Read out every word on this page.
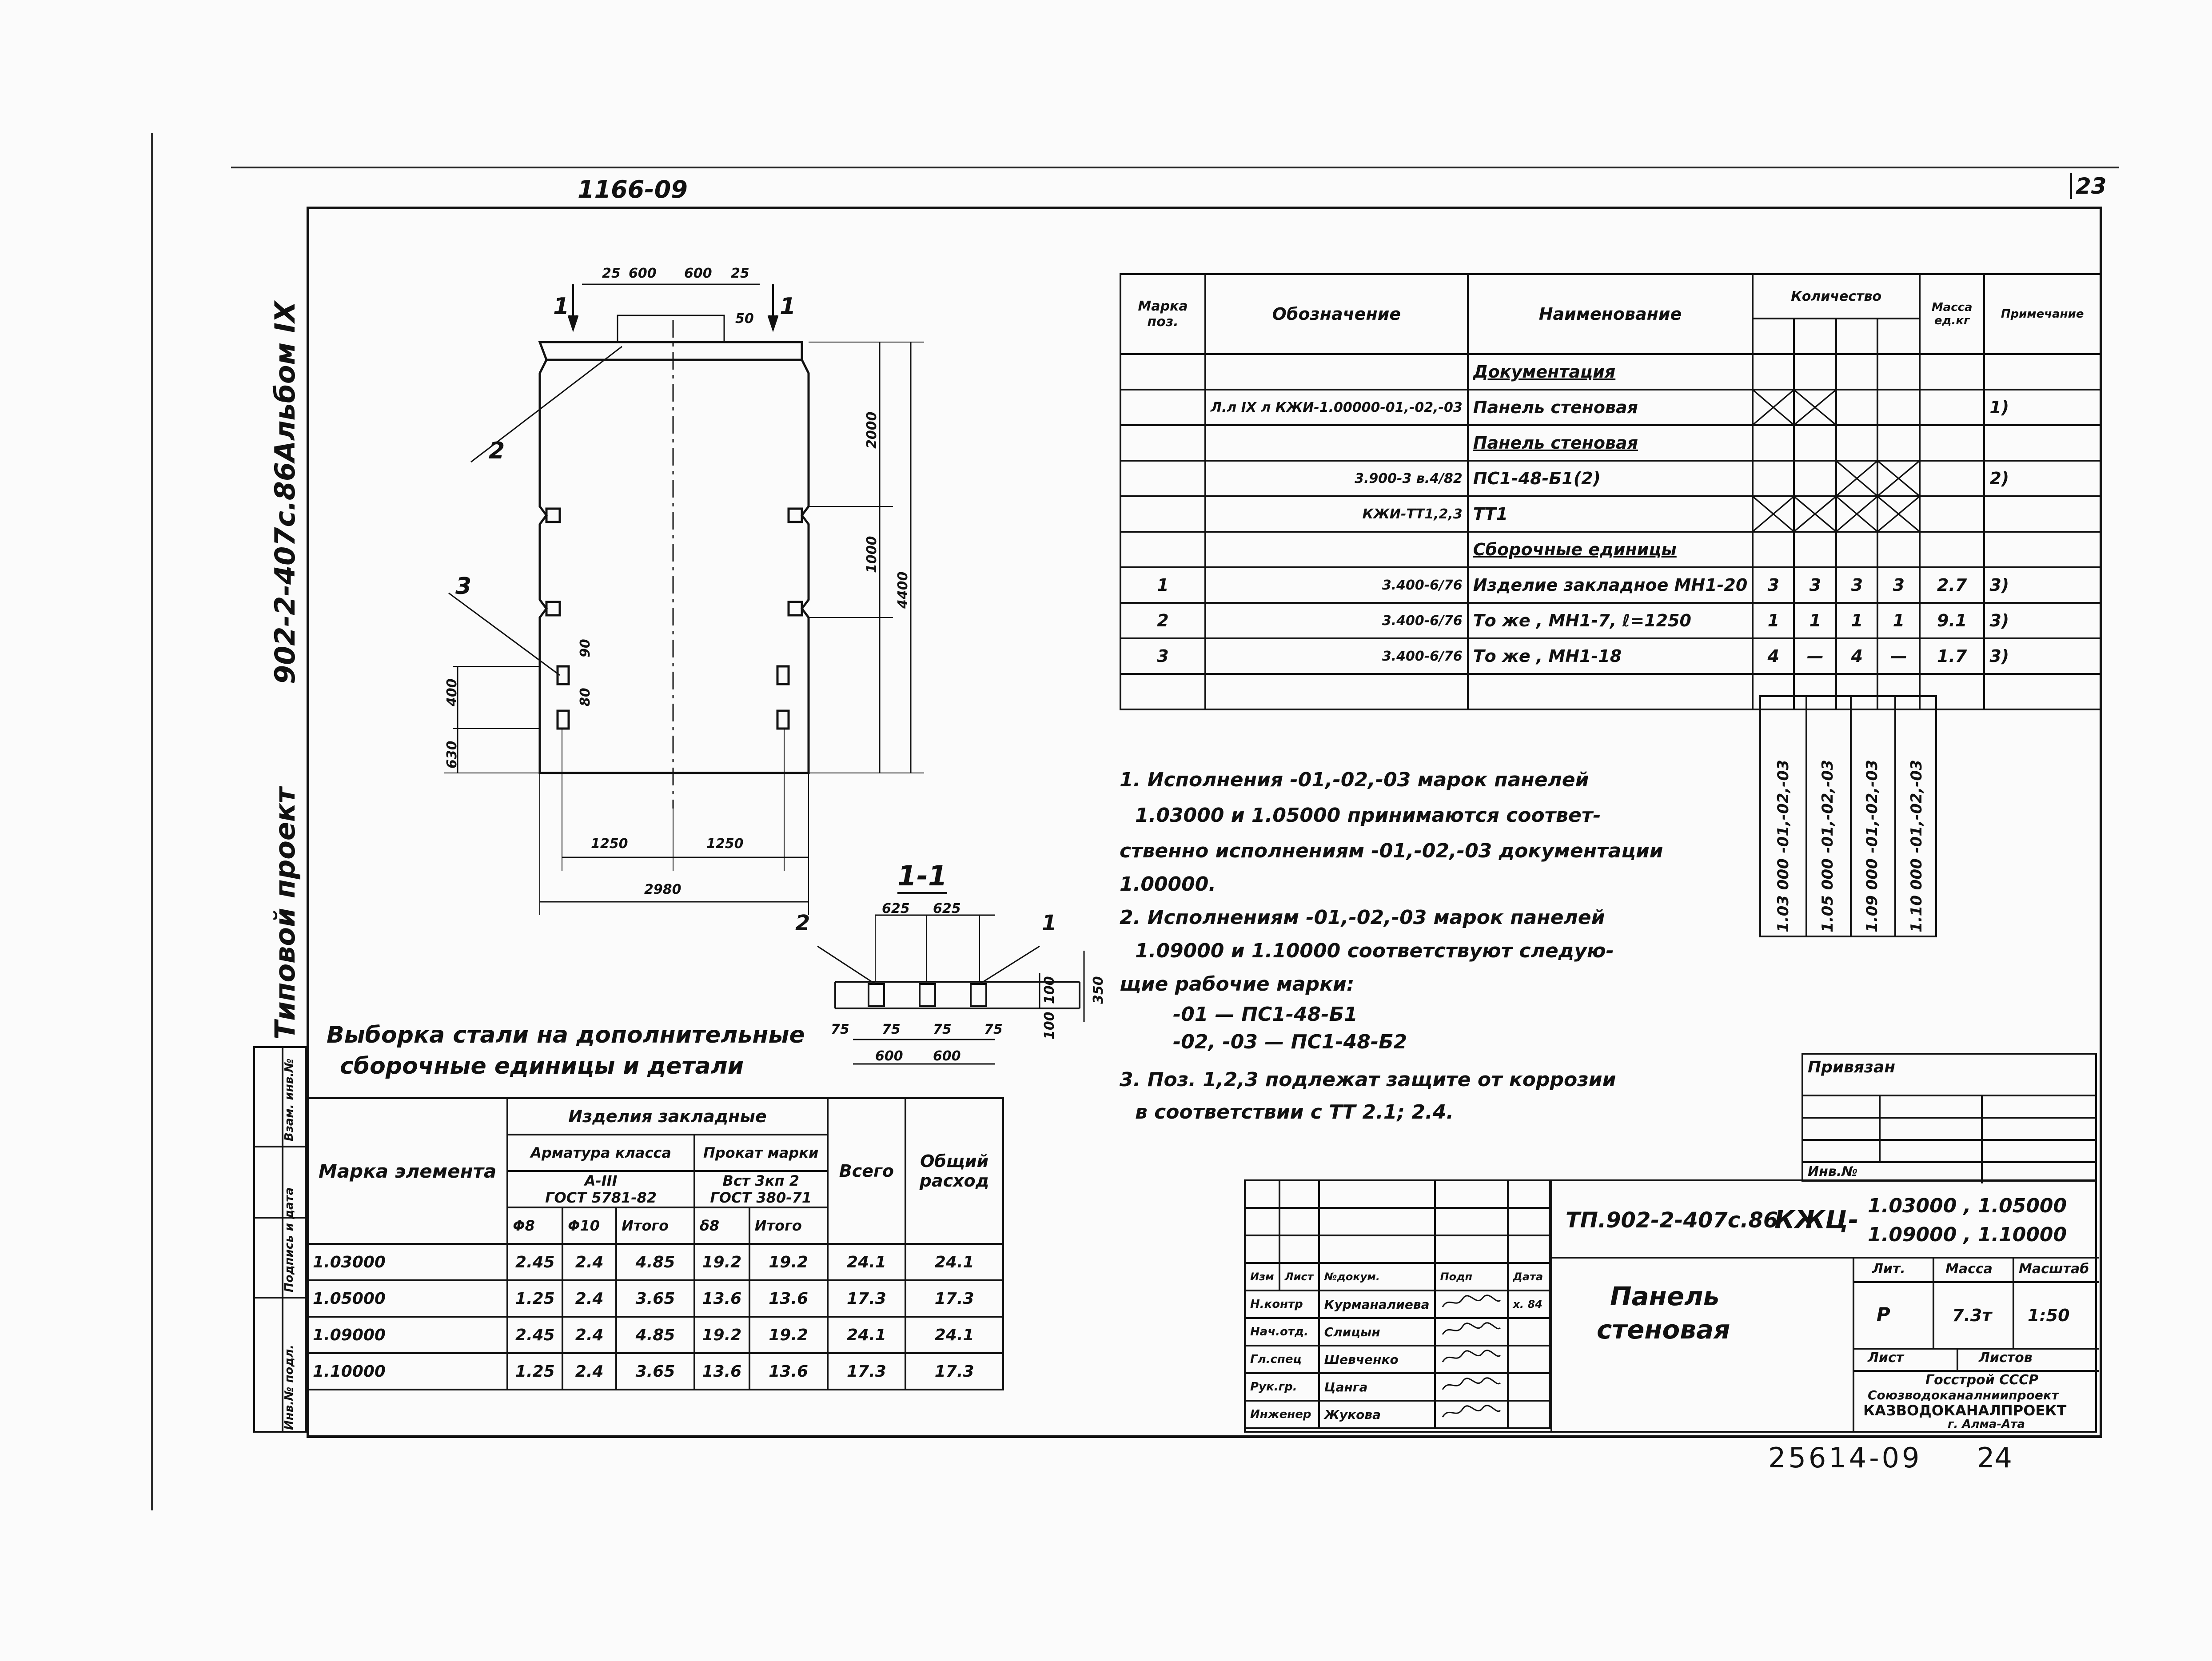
1166-09	23
25614-09 24
Альбом IX
902-2-407с.86
Типовой проект
Инв.№ подл.
Подпись и дата
Взам. инв.№
25 600 600 25
50
2000
1000
4400
400
90
80
630
1250	1250
2980
1	1
2
3
1-1
625 625
75 75 75 75
600 600
100
100
350
2	1
Марка поз.	Обозначение	Наименование	Количество				Масса ед.кг	Примечание

		Документация						
	Л.л IX л КЖИ-1.00000-01,-02,-03	Панель стеновая						1)
		Панель стеновая						
	3.900-3 в.4/82	ПС1-48-Б1(2)						2)
	КЖИ-ТТ1,2,3	ТТ1	

		Сборочные единицы						
1	3.400-6/76	Изделие закладное МН1-20	3	3	3	3	2.7	3)
2	3.400-6/76	То же , МН1-7, ℓ=1250	1	1	1	1	9.1	3)
3	3.400-6/76	То же , МН1-18	4	—	4	—	1.7	3)

1.03 000 -01,-02,-03 1.05 000 -01,-02,-03 1.09 000 -01,-02,-03 1.10 000 -01,-02,-03
1. Исполнения -01,-02,-03 марок панелей
1.03000 и 1.05000 принимаются соответ-
ственно исполнениям -01,-02,-03 документации
1.00000.
2. Исполнениям -01,-02,-03 марок панелей
1.09000 и 1.10000 соответствуют следую-
щие рабочие марки:
-01 — ПС1-48-Б1
-02, -03 — ПС1-48-Б2
3. Поз. 1,2,3 подлежат защите от коррозии
в соответствии с ТТ 2.1; 2.4.
Выборка стали на дополнительные
сборочные единицы и детали
Марка элемента	Изделия закладные					Всего	Общий расход
	Арматура класса			Прокат марки			
	A-III
ГОСТ 5781-82			Вст 3кп 2
ГОСТ 380-71			
	Φ8	Φ10	Итого	δ8	Итого		
1.03000	2.45	2.4	4.85	19.2	19.2	24.1	24.1
1.05000	1.25	2.4	3.65	13.6	13.6	17.3	17.3
1.09000	2.45	2.4	4.85	19.2	19.2	24.1	24.1
1.10000	1.25	2.4	3.65	13.6	13.6	17.3	17.3
Привязан
Инв.№

Изм	Лист	№докум.	Подп	Дата
Н.контр		Курманалиева		х. 84
Нач.отд.		Слицын		
Гл.спец		Шевченко		
Рук.гр.		Цанга		
Инженер		Жукова		
ТП.902-2-407с.86
КЖЦ- 1.03000 , 1.05000
1.09000 , 1.10000
Панель
стеновая
Лит.	Масса Масштаб
Р	7.3т 1:50
Лист	Листов
Госстрой СССР
Союзводоканалниипроект
КАЗВОДОКАНАЛПРОЕКТ
г. Алма-Ата
